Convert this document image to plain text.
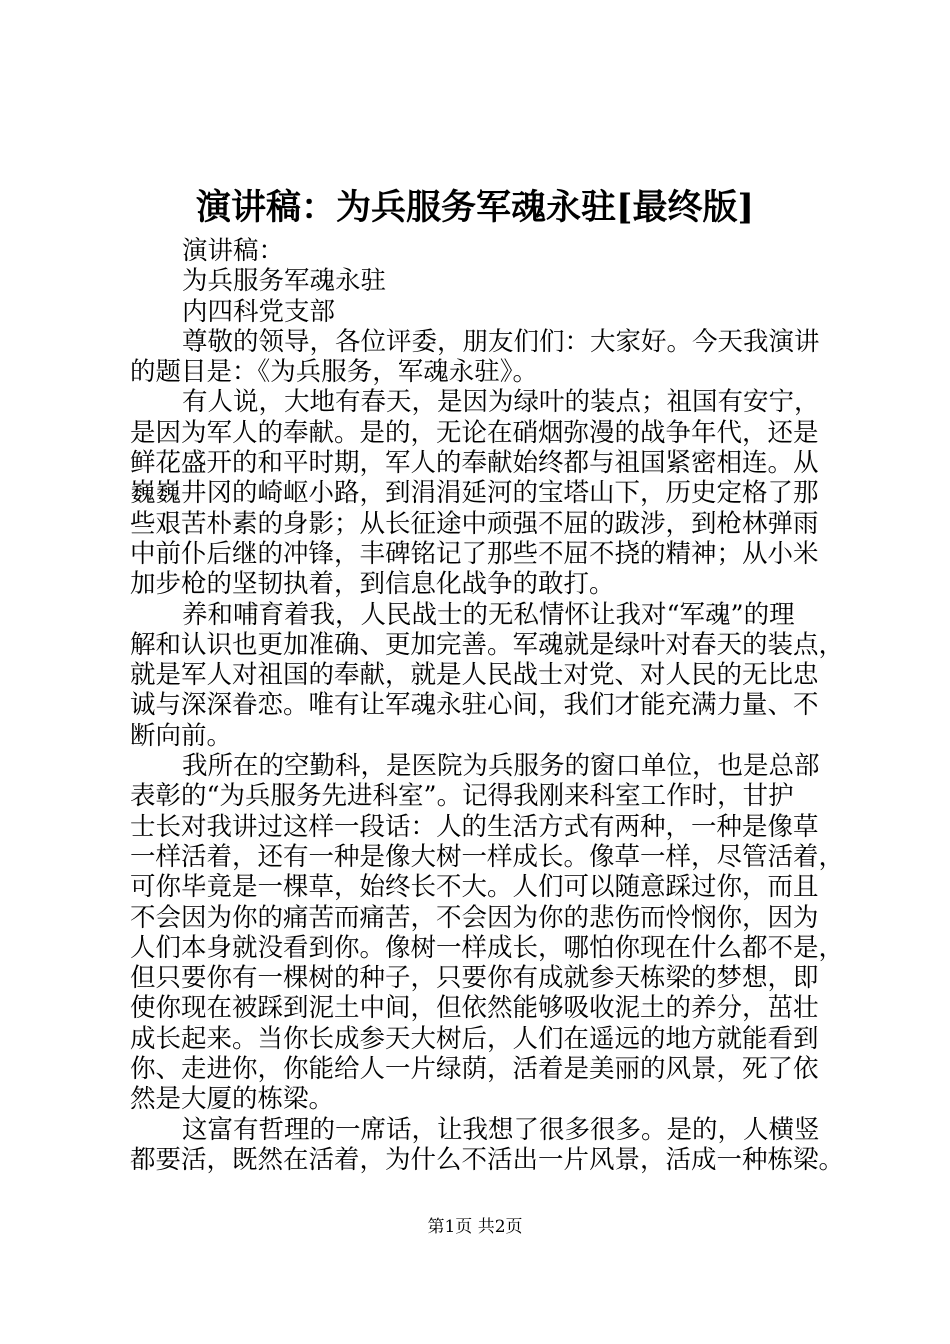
演讲稿：为兵服务军魂永驻[最终版]
演讲稿：
为兵服务军魂永驻
内四科党支部
尊敬的领导，各位评委，朋友们们：大家好。今天我演讲
的题目是：《为兵服务，军魂永驻》。
有人说，大地有春天，是因为绿叶的装点；祖国有安宁，
是因为军人的奉献。是的，无论在硝烟弥漫的战争年代，还是
鲜花盛开的和平时期，军人的奉献始终都与祖国紧密相连。从
巍巍井冈的崎岖小路，到涓涓延河的宝塔山下，历史定格了那
些艰苦朴素的身影；从长征途中顽强不屈的跋涉，到枪林弹雨
中前仆后继的冲锋，丰碑铭记了那些不屈不挠的精神；从小米
加步枪的坚韧执着，到信息化战争的敢打。
养和哺育着我，人民战士的无私情怀让我对“军魂”的理
解和认识也更加准确、更加完善。军魂就是绿叶对春天的装点，
就是军人对祖国的奉献，就是人民战士对党、对人民的无比忠
诚与深深眷恋。唯有让军魂永驻心间，我们才能充满力量、不
断向前。
我所在的空勤科，是医院为兵服务的窗口单位，也是总部
表彰的“为兵服务先进科室”。记得我刚来科室工作时，甘护
士长对我讲过这样一段话：人的生活方式有两种，一种是像草
一样活着，还有一种是像大树一样成长。像草一样，尽管活着，
可你毕竟是一棵草，始终长不大。人们可以随意踩过你，而且
不会因为你的痛苦而痛苦，不会因为你的悲伤而怜悯你，因为
人们本身就没看到你。像树一样成长，哪怕你现在什么都不是，
但只要你有一棵树的种子，只要你有成就参天栋梁的梦想，即
使你现在被踩到泥土中间，但依然能够吸收泥土的养分，茁壮
成长起来。当你长成参天大树后，人们在遥远的地方就能看到
你、走进你，你能给人一片绿荫，活着是美丽的风景，死了依
然是大厦的栋梁。
这富有哲理的一席话，让我想了很多很多。是的，人横竖
都要活，既然在活着，为什么不活出一片风景，活成一种栋梁。
第1页 共2页
